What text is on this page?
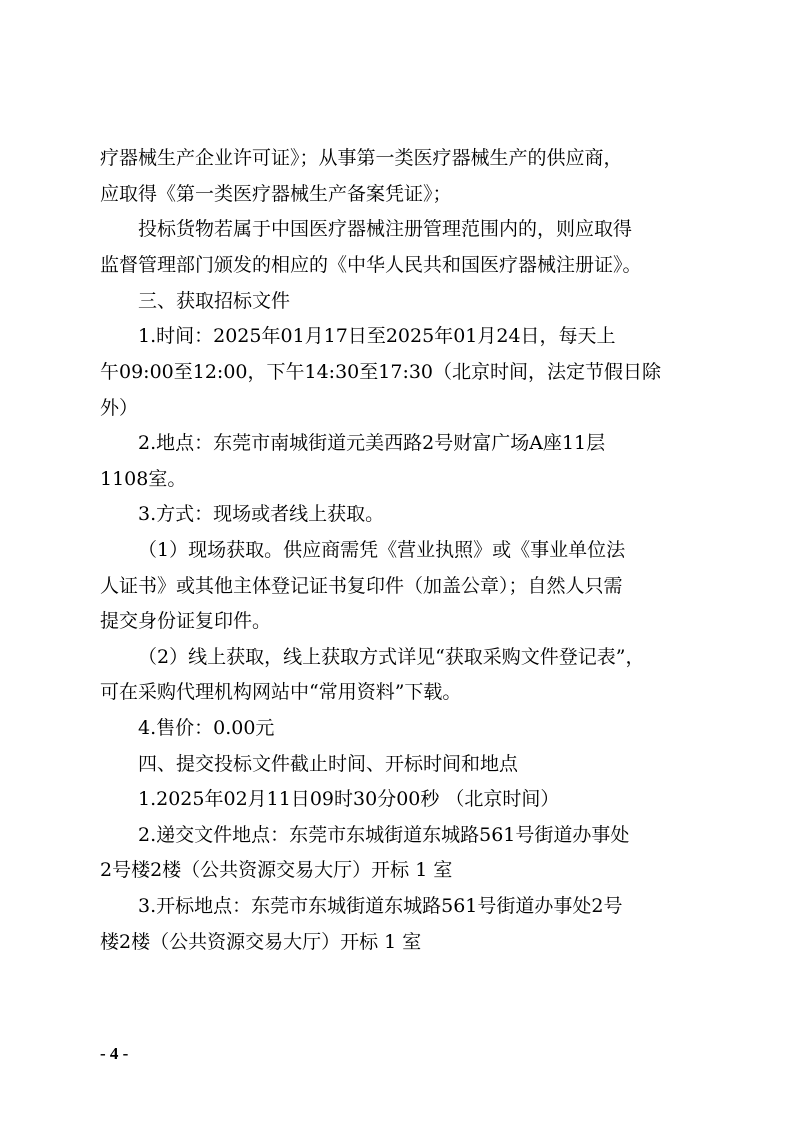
疗器械生产企业许可证》；从事第一类医疗器械生产的供应商，
应取得《第一类医疗器械生产备案凭证》；
投标货物若属于中国医疗器械注册管理范围内的，则应取得
监督管理部门颁发的相应的《中华人民共和国医疗器械注册证》。
三、获取招标文件
1.时间：2025年01月17日至2025年01月24日，每天上
午09:00至12:00，下午14:30至17:30（北京时间，法定节假日除
外）
2.地点：东莞市南城街道元美西路2号财富广场A座11层
1108室。
3.方式：现场或者线上获取。
（1）现场获取。供应商需凭《营业执照》或《事业单位法
人证书》或其他主体登记证书复印件（加盖公章）；自然人只需
提交身份证复印件。
（2）线上获取，线上获取方式详见“获取采购文件登记表”，
可在采购代理机构网站中“常用资料”下载。
4.售价：0.00元
四、提交投标文件截止时间、开标时间和地点
1.2025年02月11日09时30分00秒 （北京时间）
2.递交文件地点：东莞市东城街道东城路561号街道办事处
2号楼2楼（公共资源交易大厅）开标 1 室
3.开标地点：东莞市东城街道东城路561号街道办事处2号
楼2楼（公共资源交易大厅）开标 1 室
- 4 -
